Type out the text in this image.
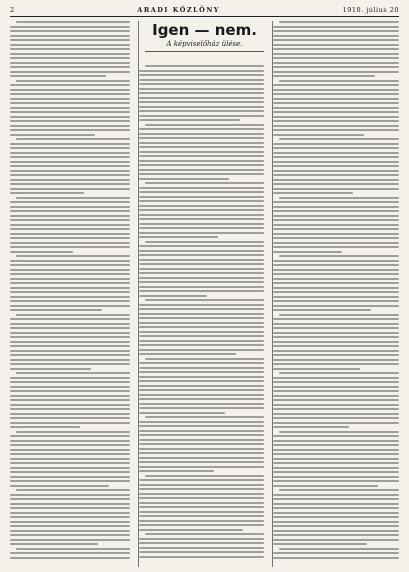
2	ARADI KÖZLÖNY	1910. július 20
Igen — nem.
A képviselőház ülése.
